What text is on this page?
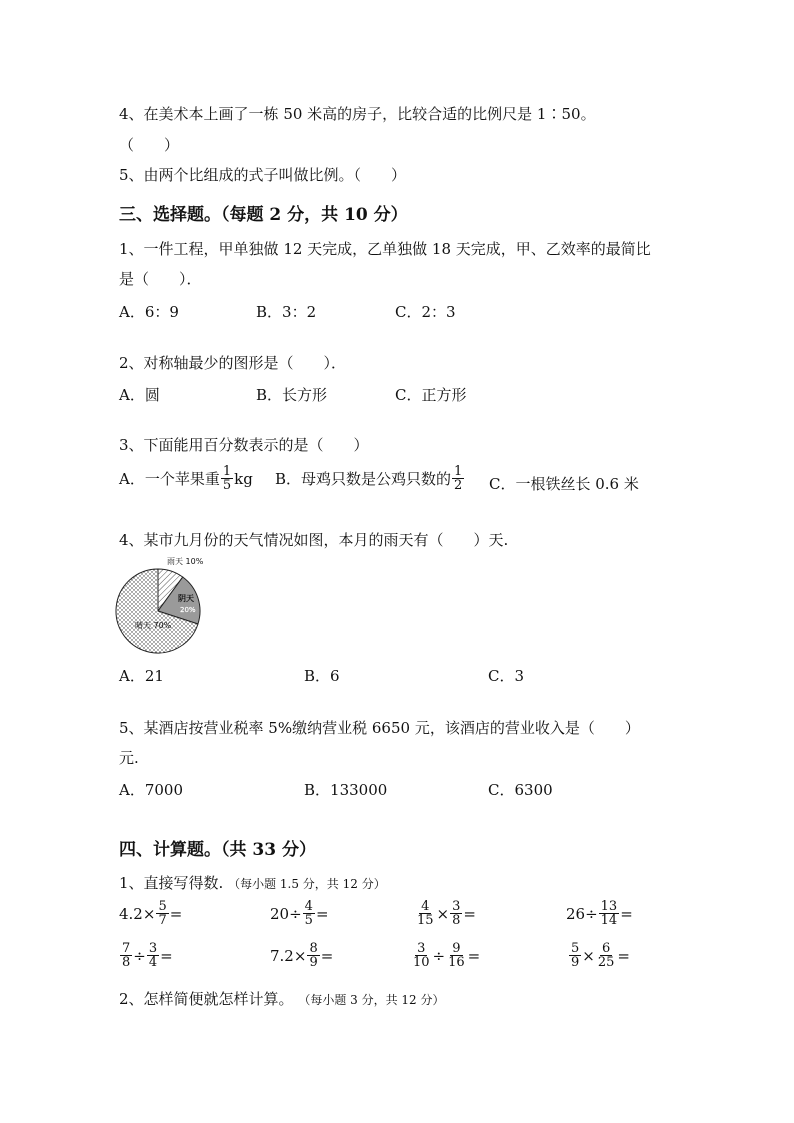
4、在美术本上画了一栋 50 米高的房子，比较合适的比例尺是 1∶50。
（　　）
5、由两个比组成的式子叫做比例。（　　）
三、选择题。（每题 2 分，共 10 分）
1、一件工程，甲单独做 12 天完成，乙单独做 18 天完成，甲、乙效率的最简比
是（　　）．
A．6：9	B．3：2	C．2：3
2、对称轴最少的图形是（　　）．
A．圆	B．长方形	C．正方形
3、下面能用百分数表示的是（　　）
A．一个苹果重 $\frac{1}{5}$ kg B．母鸡只数是公鸡只数的 $\frac{1}{2}$ C．一根铁丝长 0.6 米
4、某市九月份的天气情况如图，本月的雨天有（　　）天.
雨天 10%
阴天
20%
晴天 70%
A．21	B．6	C．3
5、某酒店按营业税率 5%缴纳营业税 6650 元，该酒店的营业收入是（　　）
元.
A．7000	B．133000	C．6300
四、计算题。（共 33 分）
1、直接写得数. （每小题 1.5 分，共 12 分）
$4.2\times \frac{5}{7}$ =	$20\div \frac{4}{5}$ =	$\frac{4}{15} \times \frac{3}{8}$ =	$26\div \frac{13}{14}$ =
$\frac{7}{8} \div \frac{3}{4}$ =	$7.2\times \frac{8}{9}$ =	$\frac{3}{10} \div \frac{9}{16}$ =	$\frac{5}{9} \times \frac{6}{25}$ =
2、怎样简便就怎样计算。 （每小题 3 分，共 12 分）
